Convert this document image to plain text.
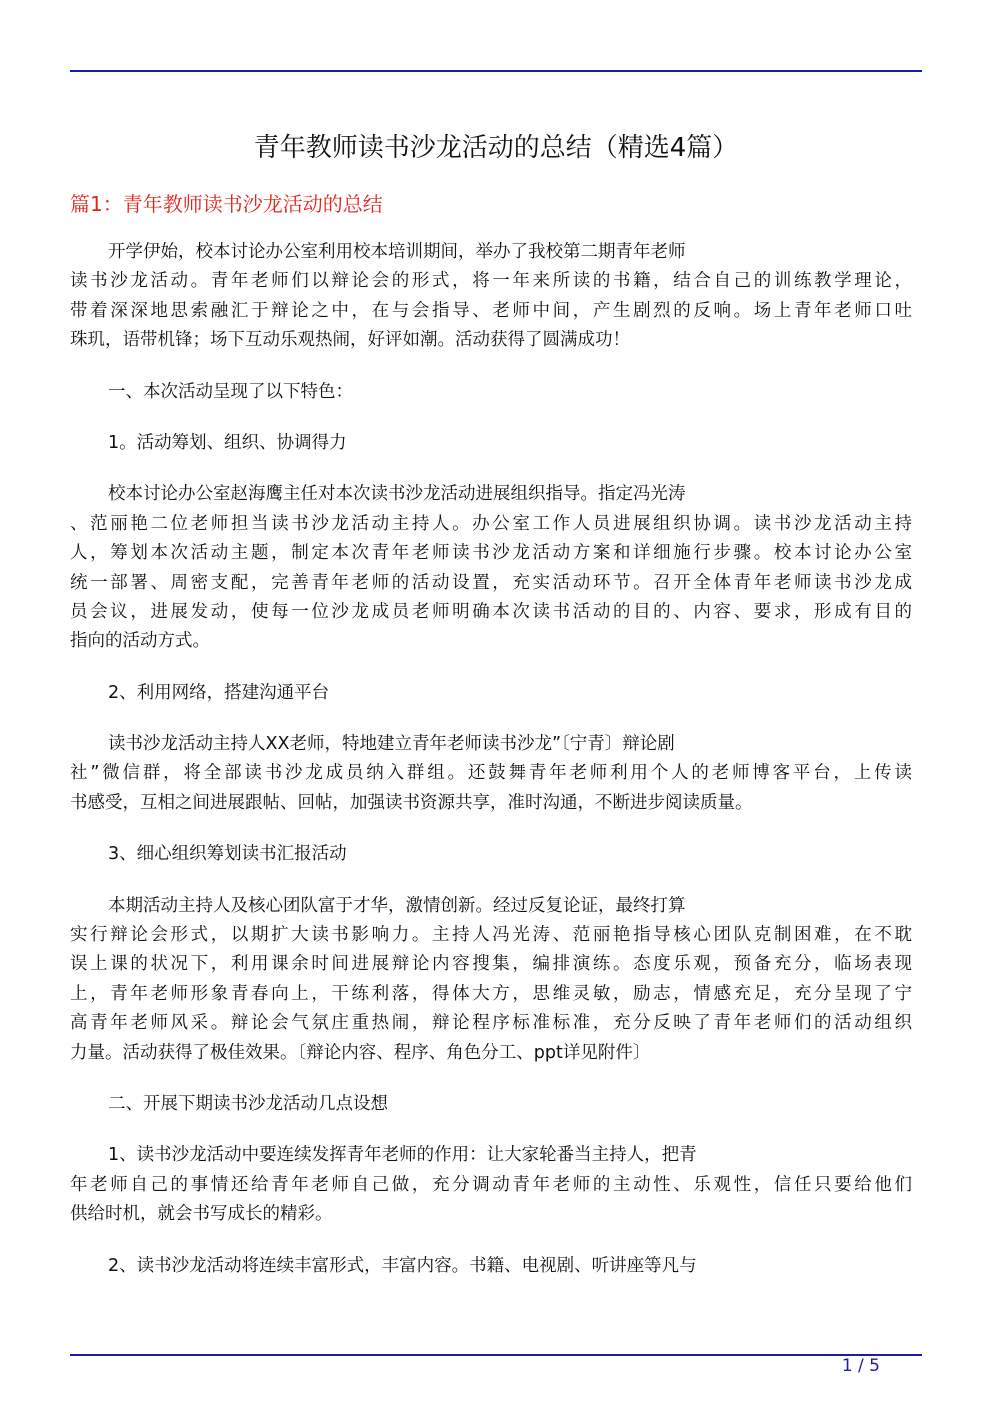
青年教师读书沙龙活动的总结（精选4篇）
篇1：青年教师读书沙龙活动的总结
开学伊始，校本讨论办公室利用校本培训期间，举办了我校第二期青年老师
读书沙龙活动。青年老师们以辩论会的形式，将一年来所读的书籍，结合自己的训练教学理论，
带着深深地思索融汇于辩论之中，在与会指导、老师中间，产生剧烈的反响。场上青年老师口吐
珠玑，语带机锋；场下互动乐观热闹，好评如潮。活动获得了圆满成功！
一、本次活动呈现了以下特色：
1。活动筹划、组织、协调得力
校本讨论办公室赵海鹰主任对本次读书沙龙活动进展组织指导。指定冯光涛
、范丽艳二位老师担当读书沙龙活动主持人。办公室工作人员进展组织协调。读书沙龙活动主持
人，筹划本次活动主题，制定本次青年老师读书沙龙活动方案和详细施行步骤。校本讨论办公室
统一部署、周密支配，完善青年老师的活动设置，充实活动环节。召开全体青年老师读书沙龙成
员会议，进展发动，使每一位沙龙成员老师明确本次读书活动的目的、内容、要求，形成有目的
指向的活动方式。
2、利用网络，搭建沟通平台
读书沙龙活动主持人XX老师，特地建立青年老师读书沙龙”〔宁青〕辩论剧
社”微信群，将全部读书沙龙成员纳入群组。还鼓舞青年老师利用个人的老师博客平台，上传读
书感受，互相之间进展跟帖、回帖，加强读书资源共享，准时沟通，不断进步阅读质量。
3、细心组织筹划读书汇报活动
本期活动主持人及核心团队富于才华，激情创新。经过反复论证，最终打算
实行辩论会形式，以期扩大读书影响力。主持人冯光涛、范丽艳指导核心团队克制困难，在不耽
误上课的状况下，利用课余时间进展辩论内容搜集，编排演练。态度乐观，预备充分，临场表现
上，青年老师形象青春向上，干练利落，得体大方，思维灵敏，励志，情感充足，充分呈现了宁
高青年老师风采。辩论会气氛庄重热闹，辩论程序标准标准，充分反映了青年老师们的活动组织
力量。活动获得了极佳效果。〔辩论内容、程序、角色分工、ppt详见附件〕
二、开展下期读书沙龙活动几点设想
1、读书沙龙活动中要连续发挥青年老师的作用：让大家轮番当主持人，把青
年老师自己的事情还给青年老师自己做，充分调动青年老师的主动性、乐观性，信任只要给他们
供给时机，就会书写成长的精彩。
2、读书沙龙活动将连续丰富形式，丰富内容。书籍、电视剧、听讲座等凡与
1 / 5
